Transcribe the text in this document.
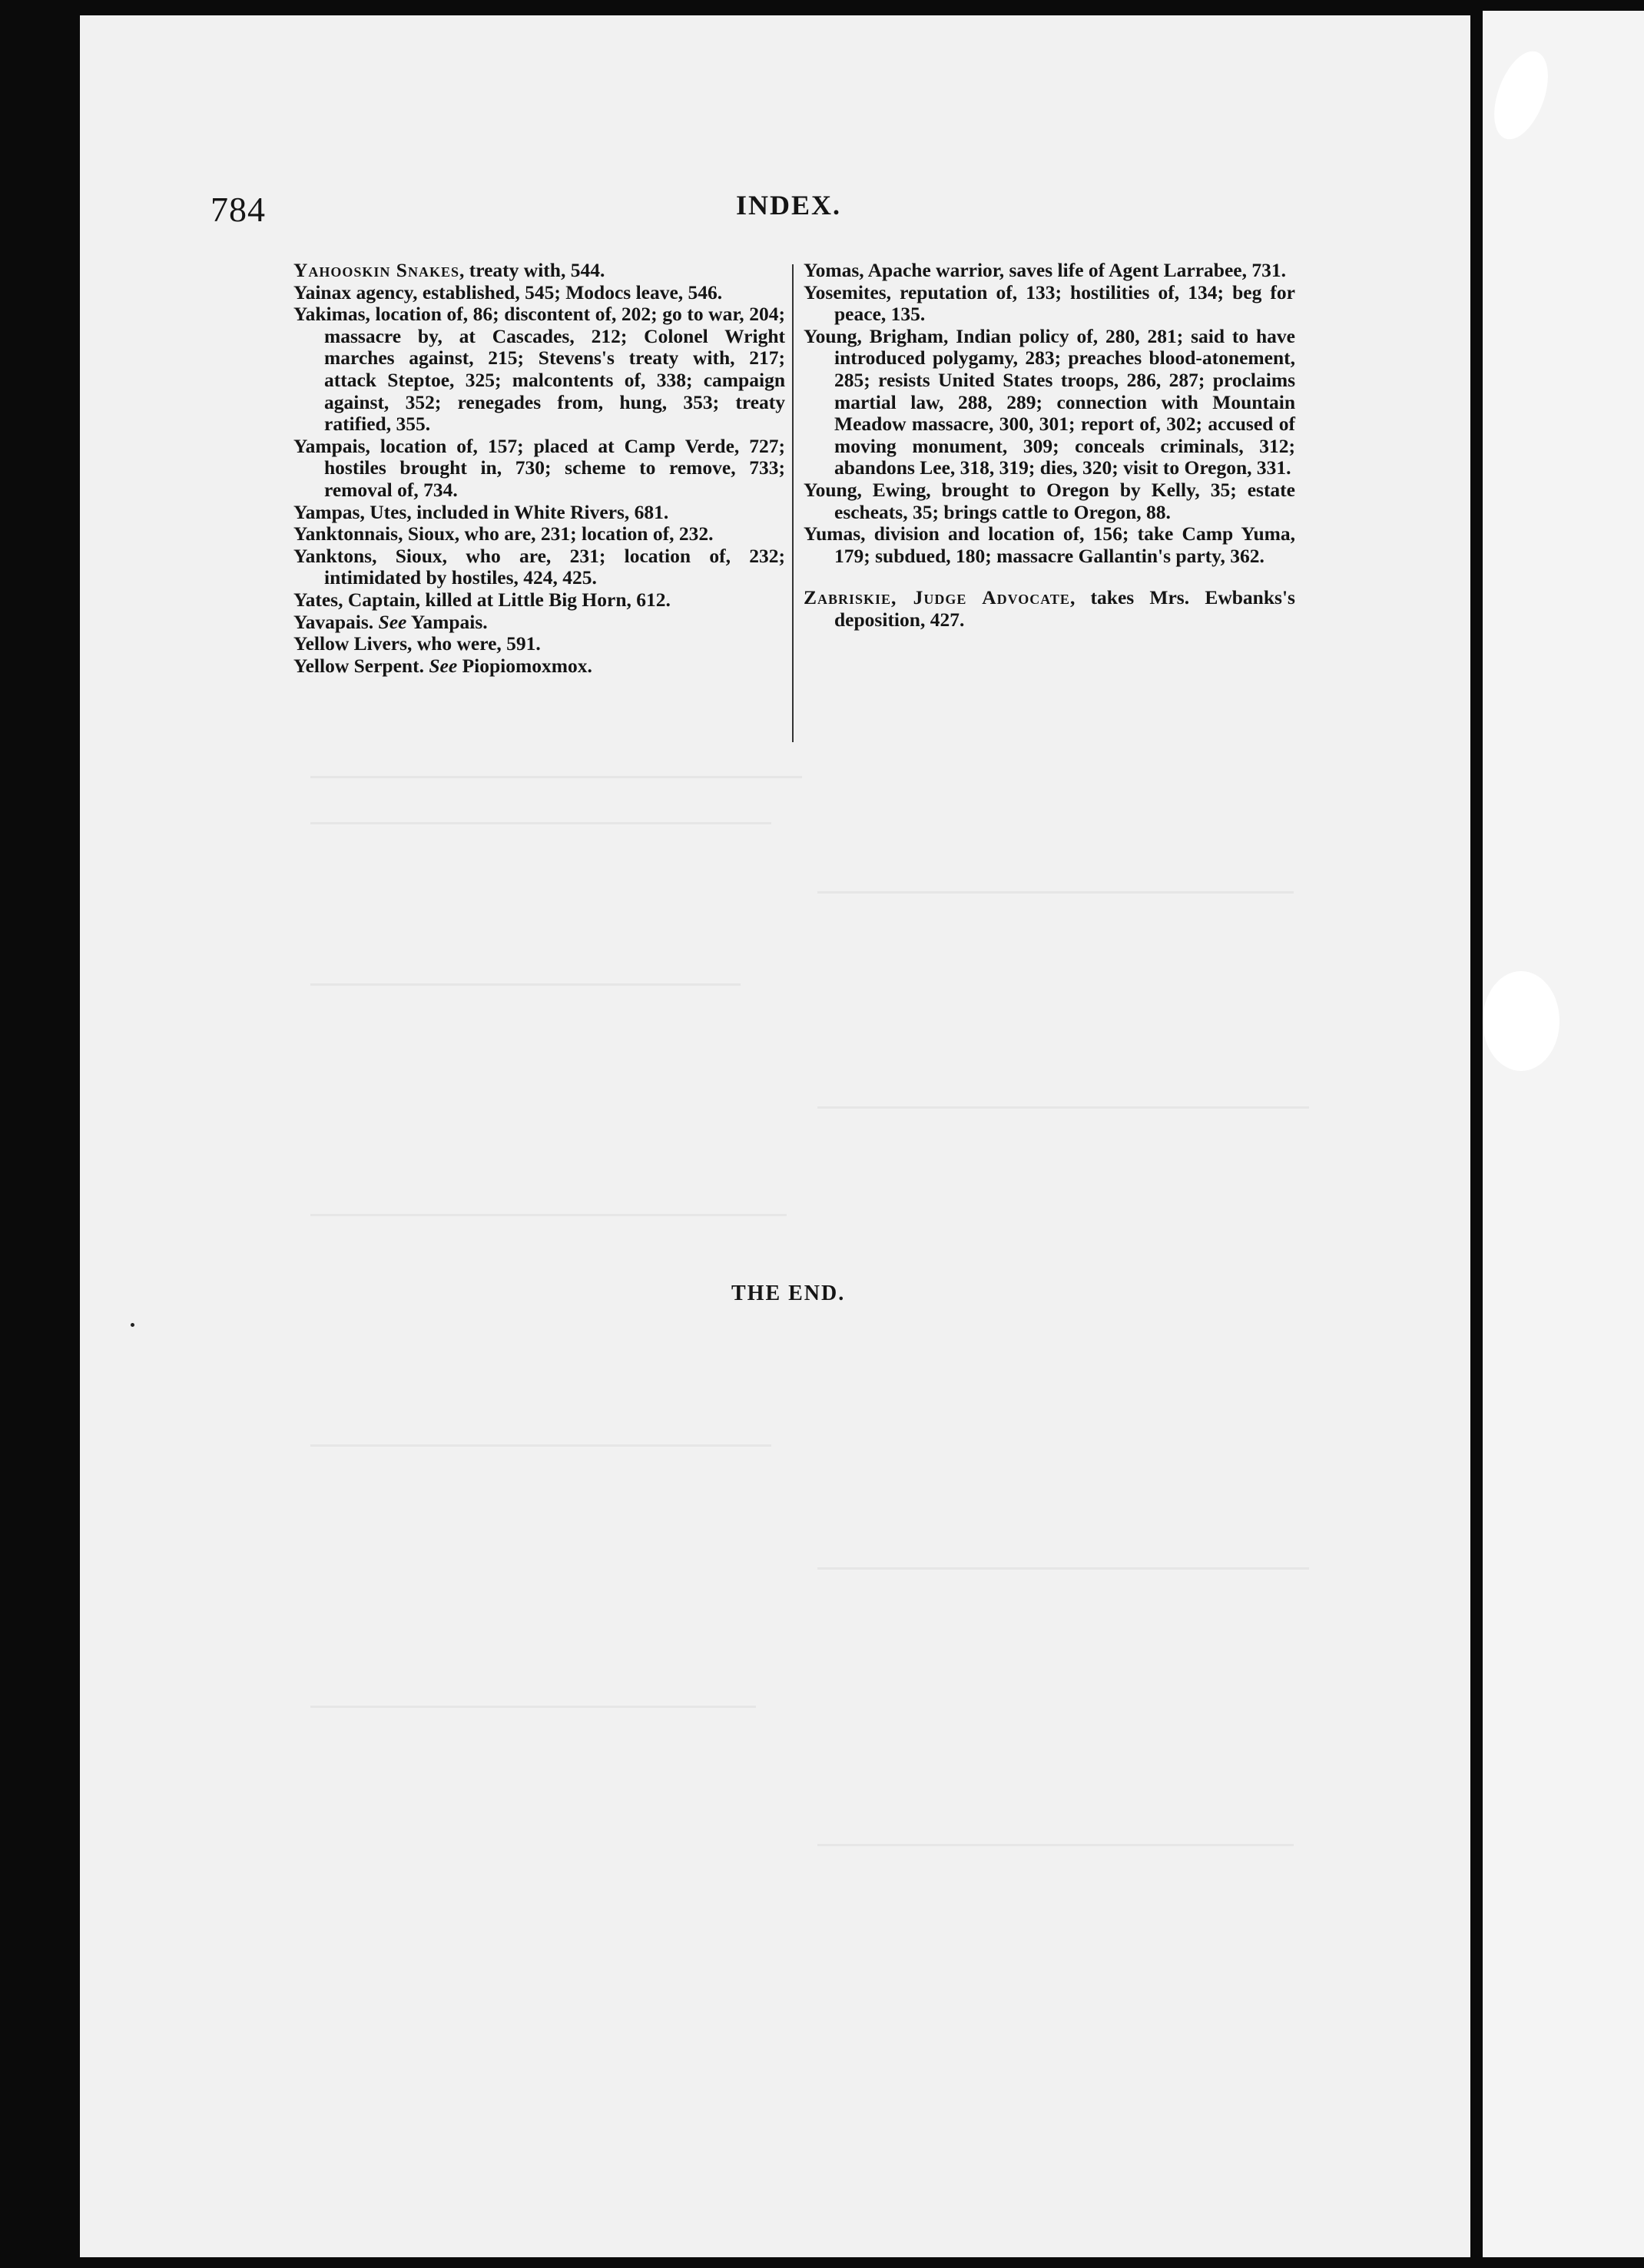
784	INDEX.

Yahooskin Snakes, treaty with, 544.

Yainax agency, established, 545; Modocs leave, 546.

Yakimas, location of, 86; discontent of, 202; go to war, 204; massacre by, at Cascades, 212; Colonel Wright marches against, 215; Stevens's treaty with, 217; attack Steptoe, 325; malcontents of, 338; campaign against, 352; renegades from, hung, 353; treaty ratified, 355.

Yampais, location of, 157; placed at Camp Verde, 727; hostiles brought in, 730; scheme to remove, 733; removal of, 734.

Yampas, Utes, included in White Rivers, 681.

Yanktonnais, Sioux, who are, 231; location of, 232.

Yanktons, Sioux, who are, 231; location of, 232; intimidated by hostiles, 424, 425.

Yates, Captain, killed at Little Big Horn, 612.

Yavapais. See Yampais.

Yellow Livers, who were, 591.

Yellow Serpent. See Piopiomoxmox.

Yomas, Apache warrior, saves life of Agent Larrabee, 731.

Yosemites, reputation of, 133; hostilities of, 134; beg for peace, 135.

Young, Brigham, Indian policy of, 280, 281; said to have introduced polygamy, 283; preaches blood-atonement, 285; resists United States troops, 286, 287; proclaims martial law, 288, 289; connection with Mountain Meadow massacre, 300, 301; report of, 302; accused of moving monument, 309; conceals criminals, 312; abandons Lee, 318, 319; dies, 320; visit to Oregon, 331.

Young, Ewing, brought to Oregon by Kelly, 35; estate escheats, 35; brings cattle to Oregon, 88.

Yumas, division and location of, 156; take Camp Yuma, 179; subdued, 180; massacre Gallantin's party, 362.

Zabriskie, Judge Advocate, takes Mrs. Ewbanks's deposition, 427.

THE END.
